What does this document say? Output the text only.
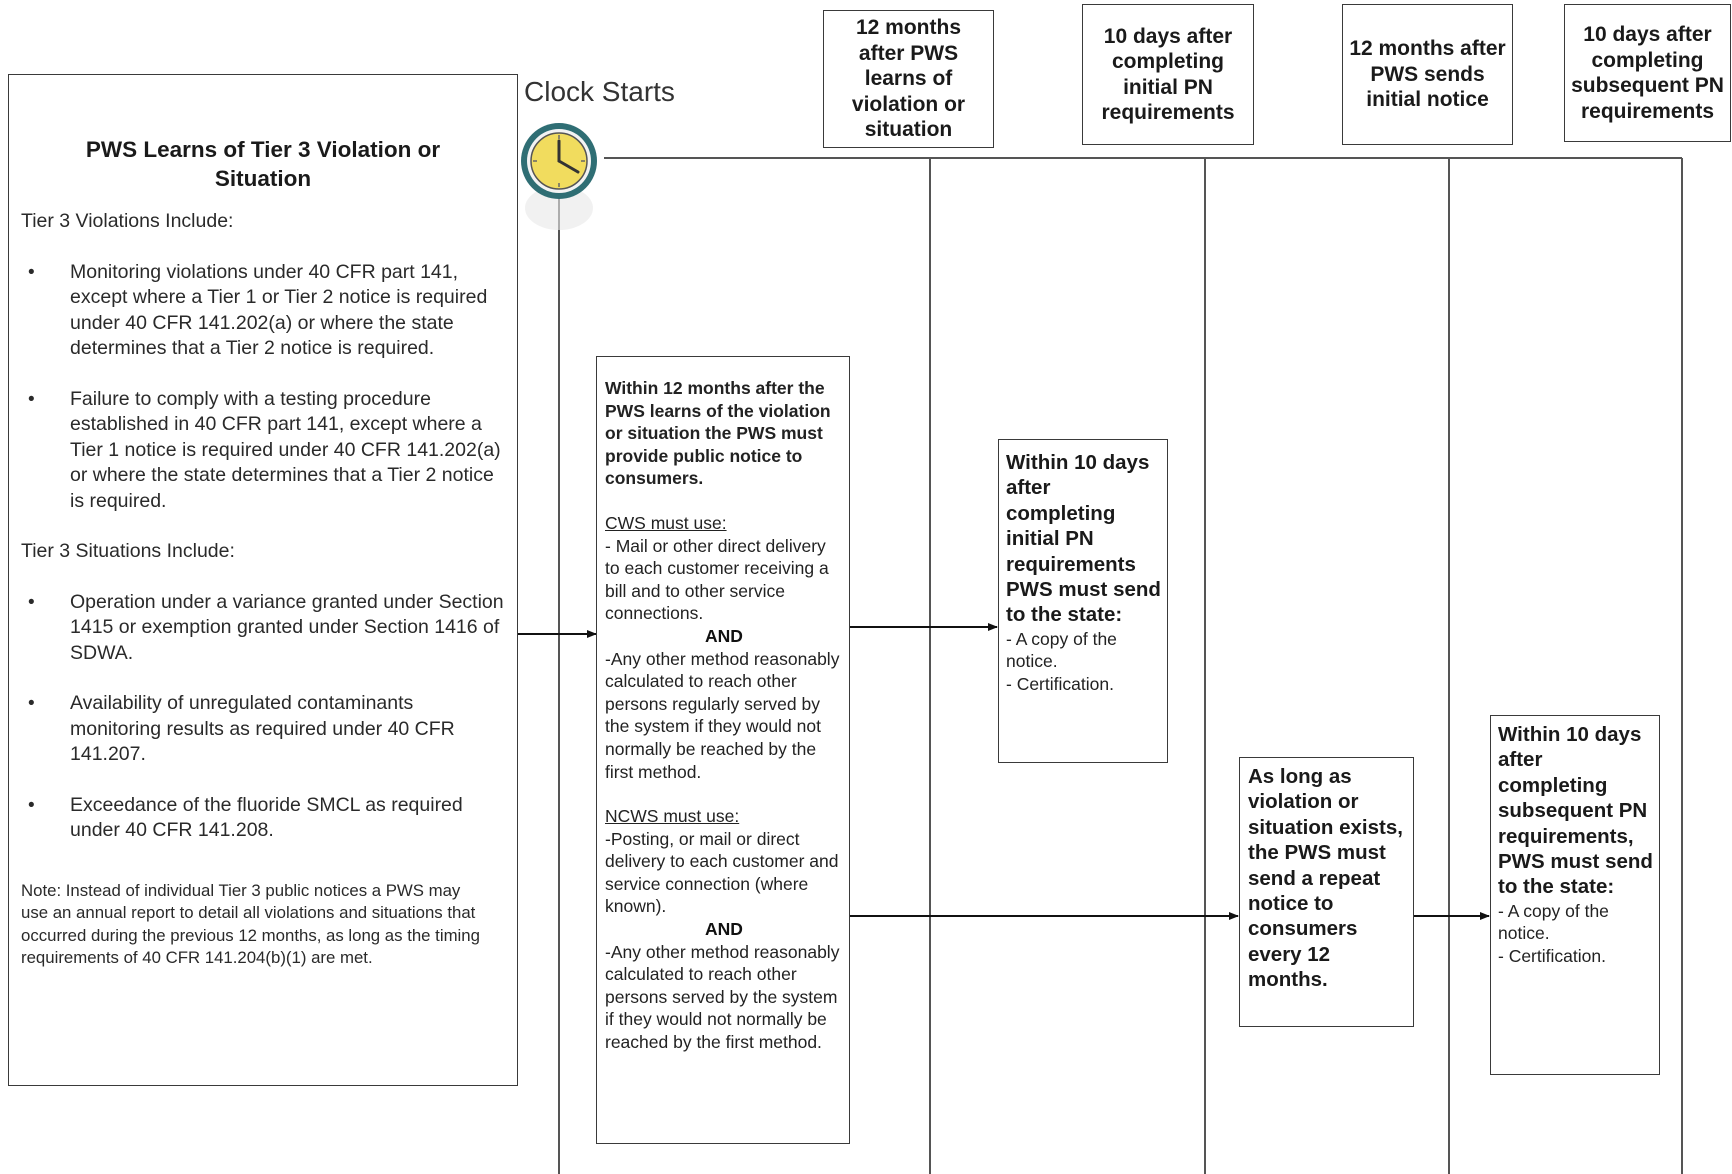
Clock Starts
12 months after PWS learns of violation or situation
10 days after completing initial PN requirements
12 months after PWS sends initial notice
10 days after completing subsequent PN requirements
PWS Learns of Tier 3 Violation or Situation
Tier 3 Violations Include:
• Monitoring violations under 40 CFR part 141, except where a Tier 1 or Tier 2 notice is required under 40 CFR 141.202(a) or where the state determines that a Tier 2 notice is required.
• Failure to comply with a testing procedure established in 40 CFR part 141, except where a Tier 1 notice is required under 40 CFR 141.202(a) or where the state determines that a Tier 2 notice is required.
Tier 3 Situations Include:
• Operation under a variance granted under Section 1415 or exemption granted under Section 1416 of SDWA.
• Availability of unregulated contaminants monitoring results as required under 40 CFR 141.207.
• Exceedance of the fluoride SMCL as required under 40 CFR 141.208.
Note: Instead of individual Tier 3 public notices a PWS may use an annual report to detail all violations and situations that occurred during the previous 12 months, as long as the timing requirements of 40 CFR 141.204(b)(1) are met.
Within 12 months after the PWS learns of the violation or situation the PWS must provide public notice to consumers.
CWS must use:
- Mail or other direct delivery to each customer receiving a bill and to other service connections.
AND
-Any other method reasonably calculated to reach other persons regularly served by the system if they would not normally be reached by the first method.
NCWS must use:
-Posting, or mail or direct delivery to each customer and service connection (where known).
AND
-Any other method reasonably calculated to reach other persons served by the system if they would not normally be reached by the first method.
Within 10 days after completing initial PN requirements PWS must send to the state:
- A copy of the notice.
- Certification.
As long as violation or situation exists, the PWS must send a repeat notice to consumers every 12 months.
Within 10 days after completing subsequent PN requirements, PWS must send to the state:
- A copy of the notice.
- Certification.
